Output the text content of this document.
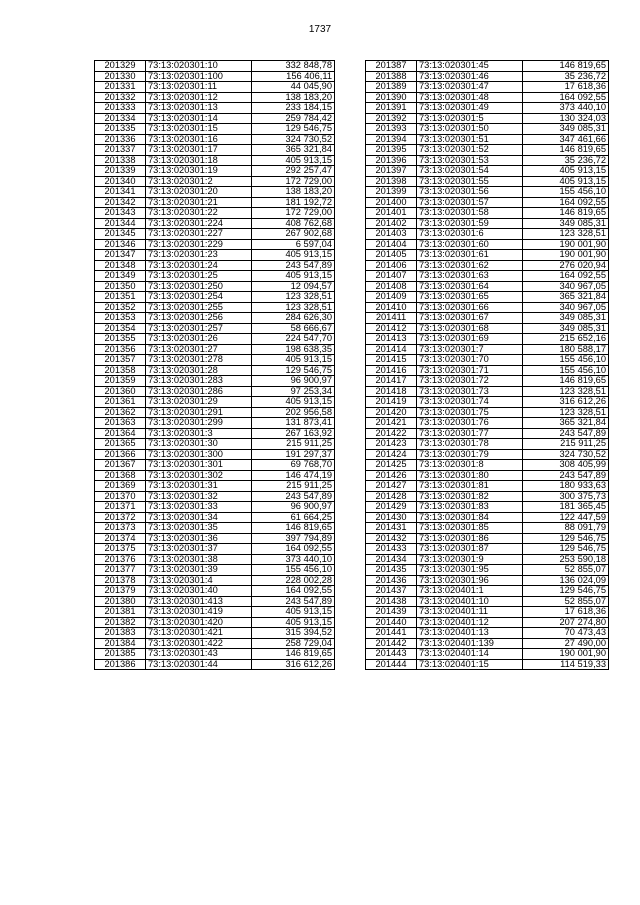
1737
201329	73:13:020301:10	332 848,78
201330	73:13:020301:100	156 406,11
201331	73:13:020301:11	44 045,90
201332	73:13:020301:12	138 183,20
201333	73:13:020301:13	233 184,15
201334	73:13:020301:14	259 784,42
201335	73:13:020301:15	129 546,75
201336	73:13:020301:16	324 730,52
201337	73:13:020301:17	365 321,84
201338	73:13:020301:18	405 913,15
201339	73:13:020301:19	292 257,47
201340	73:13:020301:2	172 729,00
201341	73:13:020301:20	138 183,20
201342	73:13:020301:21	181 192,72
201343	73:13:020301:22	172 729,00
201344	73:13:020301:224	408 762,68
201345	73:13:020301:227	267 902,68
201346	73:13:020301:229	6 597,04
201347	73:13:020301:23	405 913,15
201348	73:13:020301:24	243 547,89
201349	73:13:020301:25	405 913,15
201350	73:13:020301:250	12 094,57
201351	73:13:020301:254	123 328,51
201352	73:13:020301:255	123 328,51
201353	73:13:020301:256	284 626,30
201354	73:13:020301:257	58 666,67
201355	73:13:020301:26	224 547,70
201356	73:13:020301:27	198 638,35
201357	73:13:020301:278	405 913,15
201358	73:13:020301:28	129 546,75
201359	73:13:020301:283	96 900,97
201360	73:13:020301:286	97 253,34
201361	73:13:020301:29	405 913,15
201362	73:13:020301:291	202 956,58
201363	73:13:020301:299	131 873,41
201364	73:13:020301:3	267 163,92
201365	73:13:020301:30	215 911,25
201366	73:13:020301:300	191 297,37
201367	73:13:020301:301	69 768,70
201368	73:13:020301:302	146 474,19
201369	73:13:020301:31	215 911,25
201370	73:13:020301:32	243 547,89
201371	73:13:020301:33	96 900,97
201372	73:13:020301:34	61 664,25
201373	73:13:020301:35	146 819,65
201374	73:13:020301:36	397 794,89
201375	73:13:020301:37	164 092,55
201376	73:13:020301:38	373 440,10
201377	73:13:020301:39	155 456,10
201378	73:13:020301:4	228 002,28
201379	73:13:020301:40	164 092,55
201380	73:13:020301:413	243 547,89
201381	73:13:020301:419	405 913,15
201382	73:13:020301:420	405 913,15
201383	73:13:020301:421	315 394,52
201384	73:13:020301:422	258 729,04
201385	73:13:020301:43	146 819,65
201386	73:13:020301:44	316 612,26
201387	73:13:020301:45	146 819,65
201388	73:13:020301:46	35 236,72
201389	73:13:020301:47	17 618,36
201390	73:13:020301:48	164 092,55
201391	73:13:020301:49	373 440,10
201392	73:13:020301:5	130 324,03
201393	73:13:020301:50	349 085,31
201394	73:13:020301:51	347 461,66
201395	73:13:020301:52	146 819,65
201396	73:13:020301:53	35 236,72
201397	73:13:020301:54	405 913,15
201398	73:13:020301:55	405 913,15
201399	73:13:020301:56	155 456,10
201400	73:13:020301:57	164 092,55
201401	73:13:020301:58	146 819,65
201402	73:13:020301:59	349 085,31
201403	73:13:020301:6	123 328,51
201404	73:13:020301:60	190 001,90
201405	73:13:020301:61	190 001,90
201406	73:13:020301:62	276 020,94
201407	73:13:020301:63	164 092,55
201408	73:13:020301:64	340 967,05
201409	73:13:020301:65	365 321,84
201410	73:13:020301:66	340 967,05
201411	73:13:020301:67	349 085,31
201412	73:13:020301:68	349 085,31
201413	73:13:020301:69	215 652,16
201414	73:13:020301:7	180 588,17
201415	73:13:020301:70	155 456,10
201416	73:13:020301:71	155 456,10
201417	73:13:020301:72	146 819,65
201418	73:13:020301:73	123 328,51
201419	73:13:020301:74	316 612,26
201420	73:13:020301:75	123 328,51
201421	73:13:020301:76	365 321,84
201422	73:13:020301:77	243 547,89
201423	73:13:020301:78	215 911,25
201424	73:13:020301:79	324 730,52
201425	73:13:020301:8	308 405,99
201426	73:13:020301:80	243 547,89
201427	73:13:020301:81	180 933,63
201428	73:13:020301:82	300 375,73
201429	73:13:020301:83	181 365,45
201430	73:13:020301:84	122 447,59
201431	73:13:020301:85	88 091,79
201432	73:13:020301:86	129 546,75
201433	73:13:020301:87	129 546,75
201434	73:13:020301:9	253 590,18
201435	73:13:020301:95	52 855,07
201436	73:13:020301:96	136 024,09
201437	73:13:020401:1	129 546,75
201438	73:13:020401:10	52 855,07
201439	73:13:020401:11	17 618,36
201440	73:13:020401:12	207 274,80
201441	73:13:020401:13	70 473,43
201442	73:13:020401:139	27 490,00
201443	73:13:020401:14	190 001,90
201444	73:13:020401:15	114 519,33
